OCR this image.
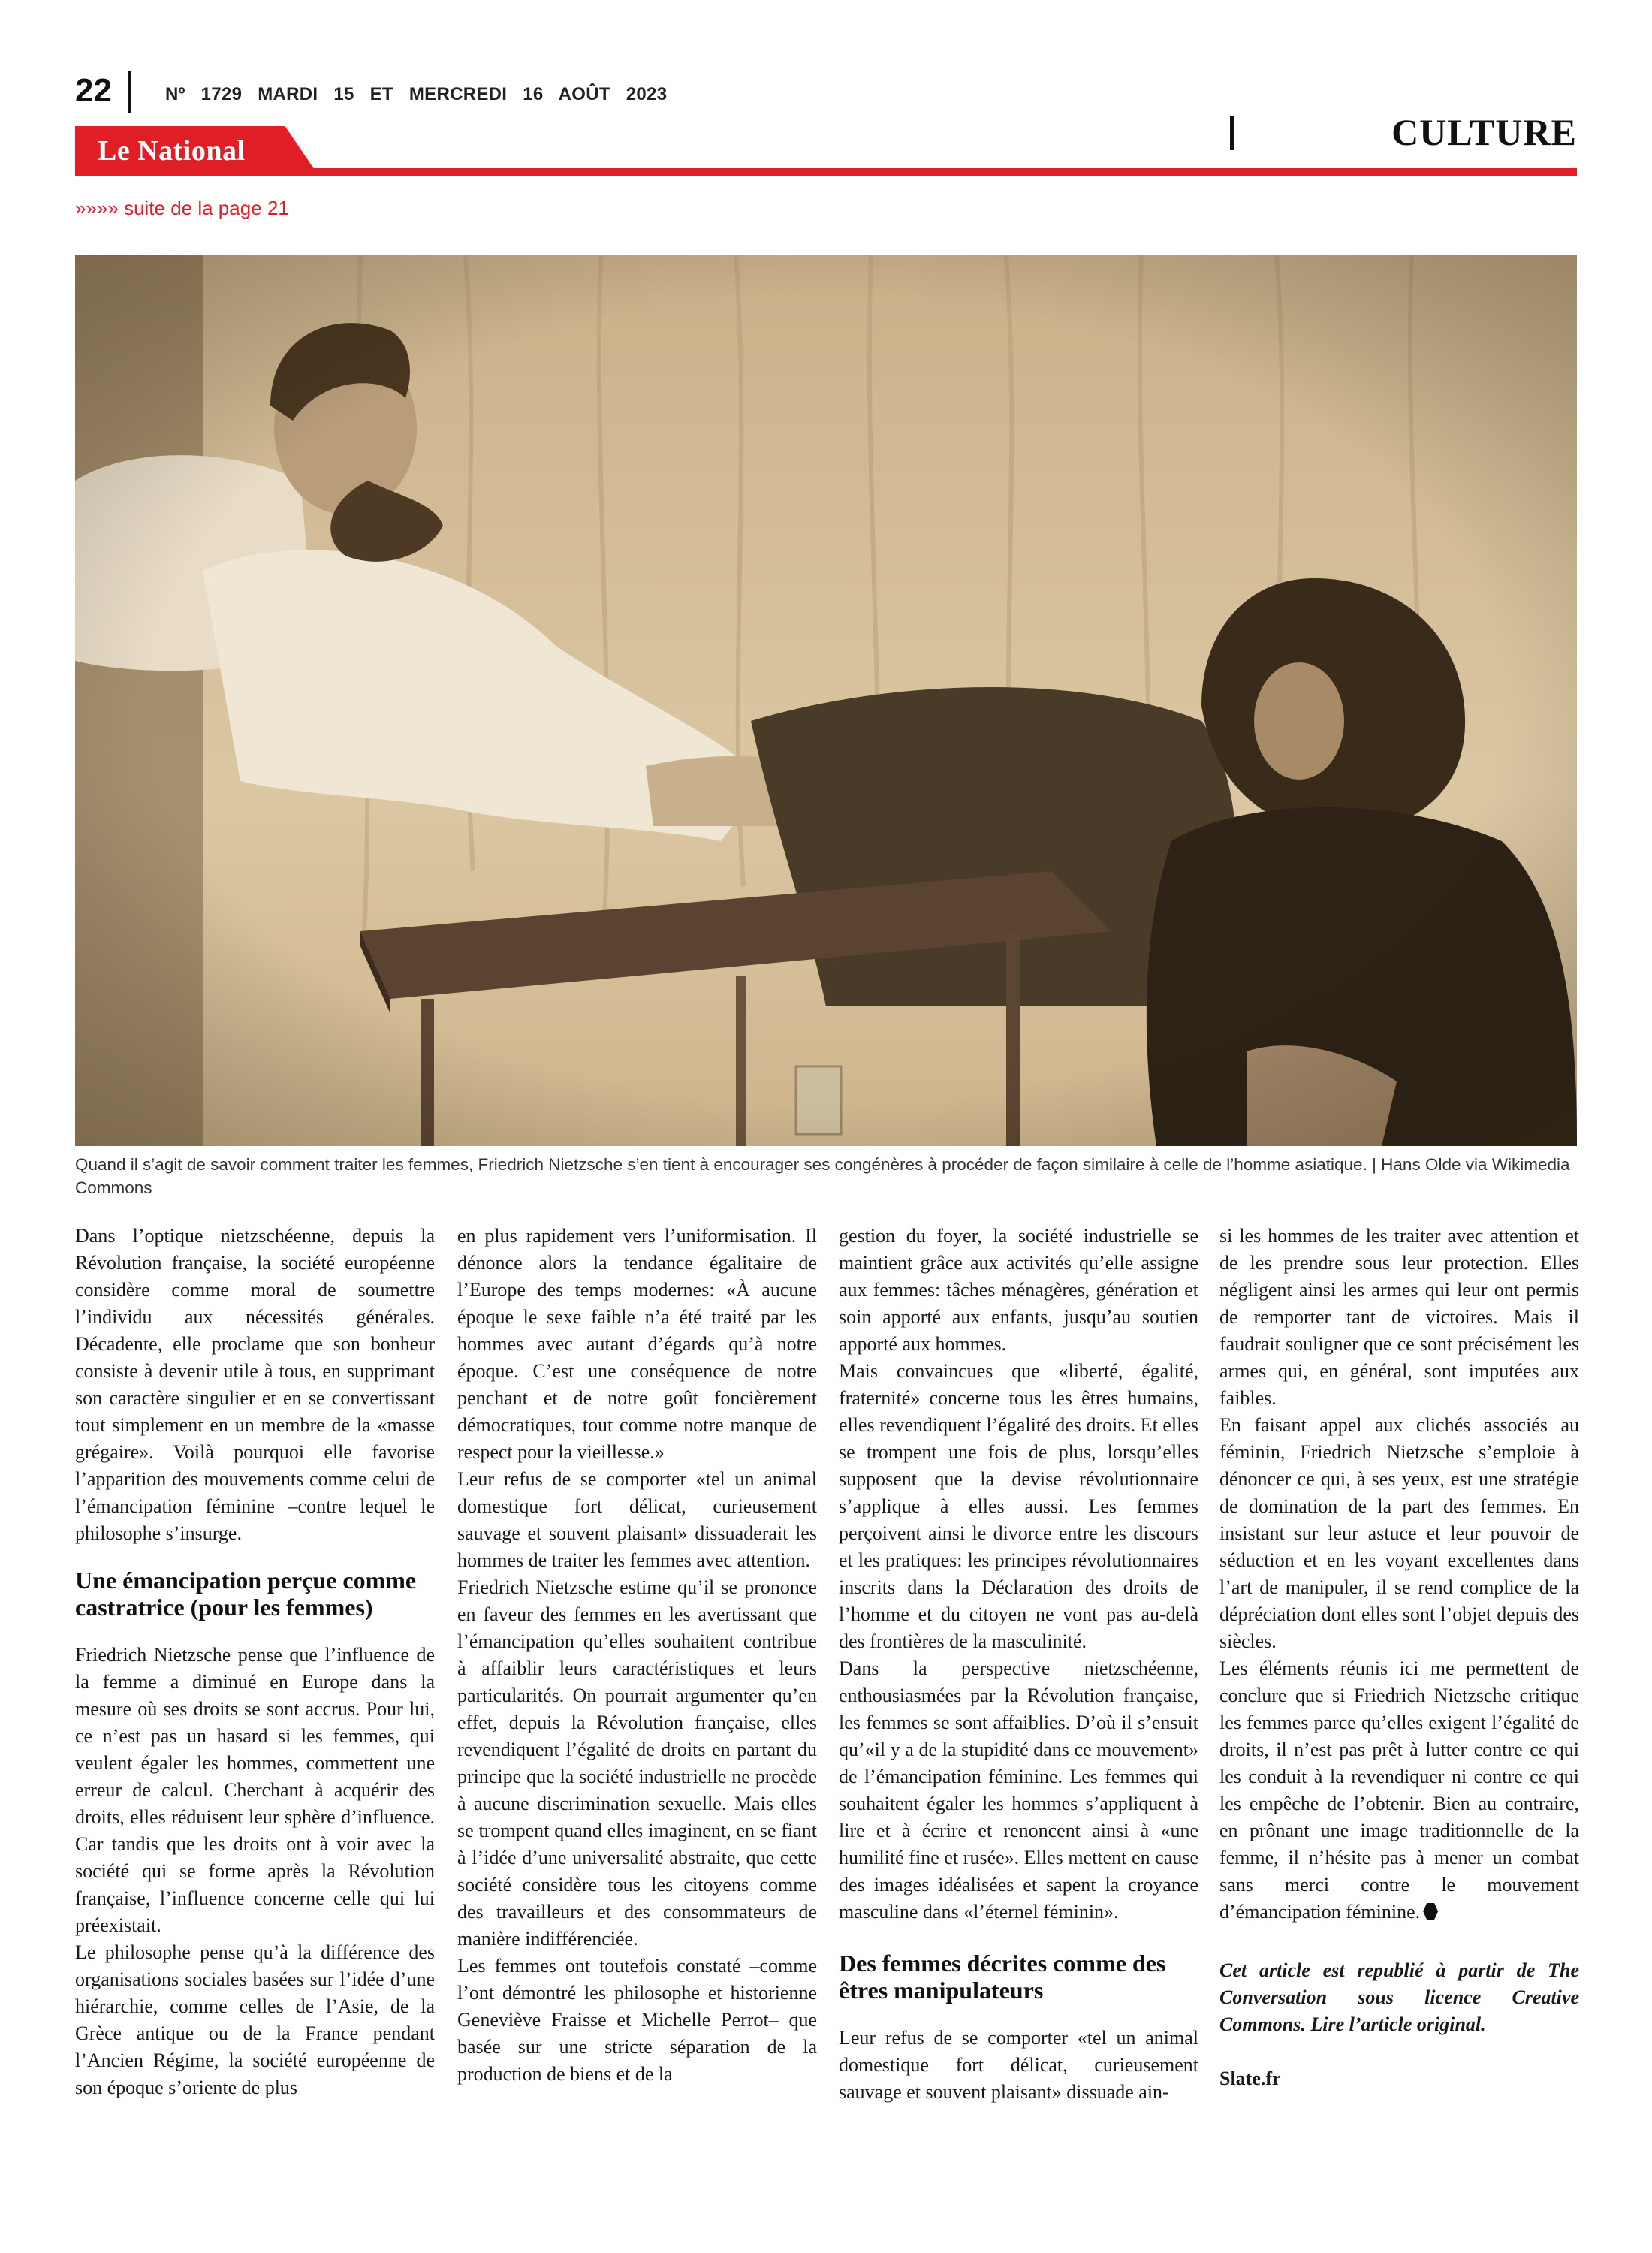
22	Nº 1729 MARDI 15 ET MERCREDI 16 AOÛT 2023
Le National	CULTURE
»»»» suite de la page 21
Quand il s’agit de savoir comment traiter les femmes, Friedrich Nietzsche s’en tient à encourager ses congénères à procéder de façon similaire à celle de l’homme asiatique. | Hans Olde via Wikimedia Commons

Dans l’optique nietzschéenne, depuis la Révolution française, la société européenne considère comme moral de soumettre l’individu aux nécessités générales. Décadente, elle proclame que son bonheur consiste à devenir utile à tous, en supprimant son caractère singulier et en se convertissant tout simplement en un membre de la «masse grégaire». Voilà pourquoi elle favorise l’apparition des mouvements comme celui de l’émancipation féminine –contre lequel le philosophe s’insurge.

Une émancipation perçue comme castratrice (pour les femmes)

Friedrich Nietzsche pense que l’influence de la femme a diminué en Europe dans la mesure où ses droits se sont accrus. Pour lui, ce n’est pas un hasard si les femmes, qui veulent égaler les hommes, commettent une erreur de calcul. Cherchant à acquérir des droits, elles réduisent leur sphère d’influence. Car tandis que les droits ont à voir avec la société qui se forme après la Révolution française, l’influence concerne celle qui lui préexistait.

Le philosophe pense qu’à la différence des organisations sociales basées sur l’idée d’une hiérarchie, comme celles de l’Asie, de la Grèce antique ou de la France pendant l’Ancien Régime, la société européenne de son époque s’oriente de plus

en plus rapidement vers l’uniformisation. Il dénonce alors la tendance égalitaire de l’Europe des temps modernes: «À aucune époque le sexe faible n’a été traité par les hommes avec autant d’égards qu’à notre époque. C’est une conséquence de notre penchant et de notre goût foncièrement démocratiques, tout comme notre manque de respect pour la vieillesse.»

Leur refus de se comporter «tel un animal domestique fort délicat, curieusement sauvage et souvent plaisant» dissuaderait les hommes de traiter les femmes avec attention.

Friedrich Nietzsche estime qu’il se prononce en faveur des femmes en les avertissant que l’émancipation qu’elles souhaitent contribue à affaiblir leurs caractéristiques et leurs particularités. On pourrait argumenter qu’en effet, depuis la Révolution française, elles revendiquent l’égalité de droits en partant du principe que la société industrielle ne procède à aucune discrimination sexuelle. Mais elles se trompent quand elles imaginent, en se fiant à l’idée d’une universalité abstraite, que cette société considère tous les citoyens comme des travailleurs et des consommateurs de manière indifférenciée.

Les femmes ont toutefois constaté –comme l’ont démontré les philosophe et historienne Geneviève Fraisse et Michelle Perrot– que basée sur une stricte séparation de la production de biens et de la

gestion du foyer, la société industrielle se maintient grâce aux activités qu’elle assigne aux femmes: tâches ménagères, génération et soin apporté aux enfants, jusqu’au soutien apporté aux hommes.

Mais convaincues que «liberté, égalité, fraternité» concerne tous les êtres humains, elles revendiquent l’égalité des droits. Et elles se trompent une fois de plus, lorsqu’elles supposent que la devise révolutionnaire s’applique à elles aussi. Les femmes perçoivent ainsi le divorce entre les discours et les pratiques: les principes révolutionnaires inscrits dans la Déclaration des droits de l’homme et du citoyen ne vont pas au-delà des frontières de la masculinité.

Dans la perspective nietzschéenne, enthousiasmées par la Révolution française, les femmes se sont affaiblies. D’où il s’ensuit qu’«il y a de la stupidité dans ce mouvement» de l’émancipation féminine. Les femmes qui souhaitent égaler les hommes s’appliquent à lire et à écrire et renoncent ainsi à «une humilité fine et rusée». Elles mettent en cause des images idéalisées et sapent la croyance masculine dans «l’éternel féminin».

Des femmes décrites comme des êtres manipulateurs

Leur refus de se comporter «tel un animal domestique fort délicat, curieusement sauvage et souvent plaisant» dissuade ain-

si les hommes de les traiter avec attention et de les prendre sous leur protection. Elles négligent ainsi les armes qui leur ont permis de remporter tant de victoires. Mais il faudrait souligner que ce sont précisément les armes qui, en général, sont imputées aux faibles.

En faisant appel aux clichés associés au féminin, Friedrich Nietzsche s’emploie à dénoncer ce qui, à ses yeux, est une stratégie de domination de la part des femmes. En insistant sur leur astuce et leur pouvoir de séduction et en les voyant excellentes dans l’art de manipuler, il se rend complice de la dépréciation dont elles sont l’objet depuis des siècles.

Les éléments réunis ici me permettent de conclure que si Friedrich Nietzsche critique les femmes parce qu’elles exigent l’égalité de droits, il n’est pas prêt à lutter contre ce qui les conduit à la revendiquer ni contre ce qui les empêche de l’obtenir. Bien au contraire, en prônant une image traditionnelle de la femme, il n’hésite pas à mener un combat sans merci contre le mouvement d’émancipation féminine.

Cet article est republié à partir de The Conversation sous licence Creative Commons. Lire l’article original.

Slate.fr
